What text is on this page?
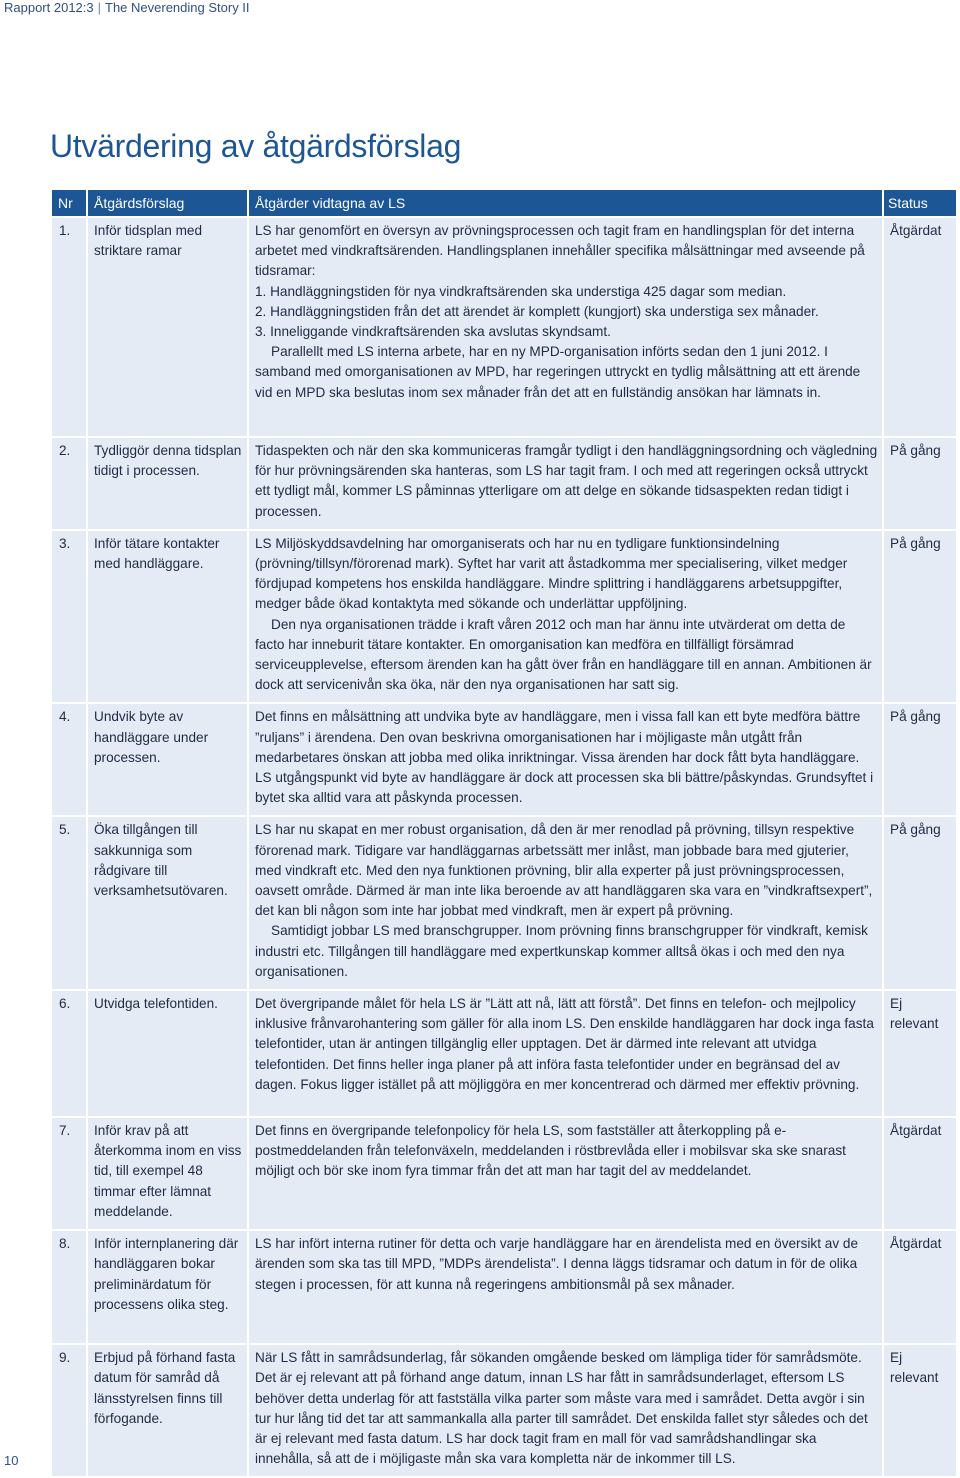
Rapport 2012:3 | The Neverending Story II
Utvärdering av åtgärdsförslag
Nr	Åtgärdsförslag	Åtgärder vidtagna av LS	Status
1.	Inför tidsplan med striktare ramar	LS har genomfört en översyn av prövningsprocessen och tagit fram en handlingsplan för det interna arbetet med vindkraftsärenden. Handlingsplanen innehåller specifika målsättningar med avseende på tidsramar:

1. Handläggningstiden för nya vindkraftsärenden ska understiga 425 dagar som median.

2. Handläggningstiden från det att ärendet är komplett (kungjort) ska understiga sex månader.

3. Inneliggande vindkraftsärenden ska avslutas skyndsamt.

Parallellt med LS interna arbete, har en ny MPD-organisation införts sedan den 1 juni 2012. I samband med omorganisationen av MPD, har regeringen uttryckt en tydlig målsättning att ett ärende vid en MPD ska beslutas inom sex månader från det att en fullständig ansökan har lämnats in.	Åtgärdat
2.	Tydliggör denna tidsplan tidigt i processen.	Tidaspekten och när den ska kommuniceras framgår tydligt i den handläggningsordning och vägledning för hur prövningsärenden ska hanteras, som LS har tagit fram. I och med att regeringen också uttryckt ett tydligt mål, kommer LS påminnas ytterligare om att delge en sökande tidsaspekten redan tidigt i processen.	På gång
3.	Inför tätare kontakter med handläggare.	LS Miljöskyddsavdelning har omorganiserats och har nu en tydligare funktionsindelning (prövning/tillsyn/förorenad mark). Syftet har varit att åstadkomma mer specialisering, vilket medger fördjupad kompetens hos enskilda handläggare. Mindre splittring i handläggarens arbetsuppgifter, medger både ökad kontaktyta med sökande och underlättar uppföljning.

Den nya organisationen trädde i kraft våren 2012 och man har ännu inte utvärderat om detta de facto har inneburit tätare kontakter. En omorganisation kan medföra en tillfälligt försämrad serviceupplevelse, eftersom ärenden kan ha gått över från en handläggare till en annan. Ambitionen är dock att servicenivån ska öka, när den nya organisationen har satt sig.	På gång
4.	Undvik byte av handläggare under processen.	Det finns en målsättning att undvika byte av handläggare, men i vissa fall kan ett byte medföra bättre ”ruljans” i ärendena. Den ovan beskrivna omorganisationen har i möjligaste mån utgått från medarbetares önskan att jobba med olika inriktningar. Vissa ärenden har dock fått byta handläggare. LS utgångspunkt vid byte av handläggare är dock att processen ska bli bättre/påskyndas. Grundsyftet i bytet ska alltid vara att påskynda processen.	På gång
5.	Öka tillgången till sakkunniga som rådgivare till verksamhetsutövaren.	LS har nu skapat en mer robust organisation, då den är mer renodlad på prövning, tillsyn respektive förorenad mark. Tidigare var handläggarnas arbetssätt mer inlåst, man jobbade bara med gjuterier, med vindkraft etc. Med den nya funktionen prövning, blir alla experter på just prövningsprocessen, oavsett område. Därmed är man inte lika beroende av att handläggaren ska vara en ”vindkraftsexpert”, det kan bli någon som inte har jobbat med vindkraft, men är expert på prövning.

Samtidigt jobbar LS med branschgrupper. Inom prövning finns branschgrupper för vindkraft, kemisk industri etc. Tillgången till handläggare med expertkunskap kommer alltså ökas i och med den nya organisationen.	På gång
6.	Utvidga telefontiden.	Det övergripande målet för hela LS är ”Lätt att nå, lätt att förstå”. Det finns en telefon- och mejlpolicy inklusive frånvarohantering som gäller för alla inom LS. Den enskilde handläggaren har dock inga fasta telefontider, utan är antingen tillgänglig eller upptagen. Det är därmed inte relevant att utvidga telefontiden. Det finns heller inga planer på att införa fasta telefontider under en begränsad del av dagen. Fokus ligger istället på att möjliggöra en mer koncentrerad och därmed mer effektiv prövning.	Ej relevant
7.	Inför krav på att återkomma inom en viss tid, till exempel 48 timmar efter lämnat meddelande.	Det finns en övergripande telefonpolicy för hela LS, som fastställer att återkoppling på e-postmeddelanden från telefonväxeln, meddelanden i röstbrevlåda eller i mobilsvar ska ske snarast möjligt och bör ske inom fyra timmar från det att man har tagit del av meddelandet.	Åtgärdat
8.	Inför internplanering där handläggaren bokar preliminärdatum för processens olika steg.	LS har infört interna rutiner för detta och varje handläggare har en ärendelista med en översikt av de ärenden som ska tas till MPD, ”MDPs ärendelista”. I denna läggs tidsramar och datum in för de olika stegen i processen, för att kunna nå regeringens ambitionsmål på sex månader.	Åtgärdat
9.	Erbjud på förhand fasta datum för samråd då länsstyrelsen finns till förfogande.	När LS fått in samrådsunderlag, får sökanden omgående besked om lämpliga tider för samrådsmöte. Det är ej relevant att på förhand ange datum, innan LS har fått in samrådsunderlaget, eftersom LS behöver detta underlag för att fastställa vilka parter som måste vara med i samrådet. Detta avgör i sin tur hur lång tid det tar att sammankalla alla parter till samrådet. Det enskilda fallet styr således och det är ej relevant med fasta datum. LS har dock tagit fram en mall för vad samrådshandlingar ska innehålla, så att de i möjligaste mån ska vara kompletta när de inkommer till LS.	Ej relevant
10
